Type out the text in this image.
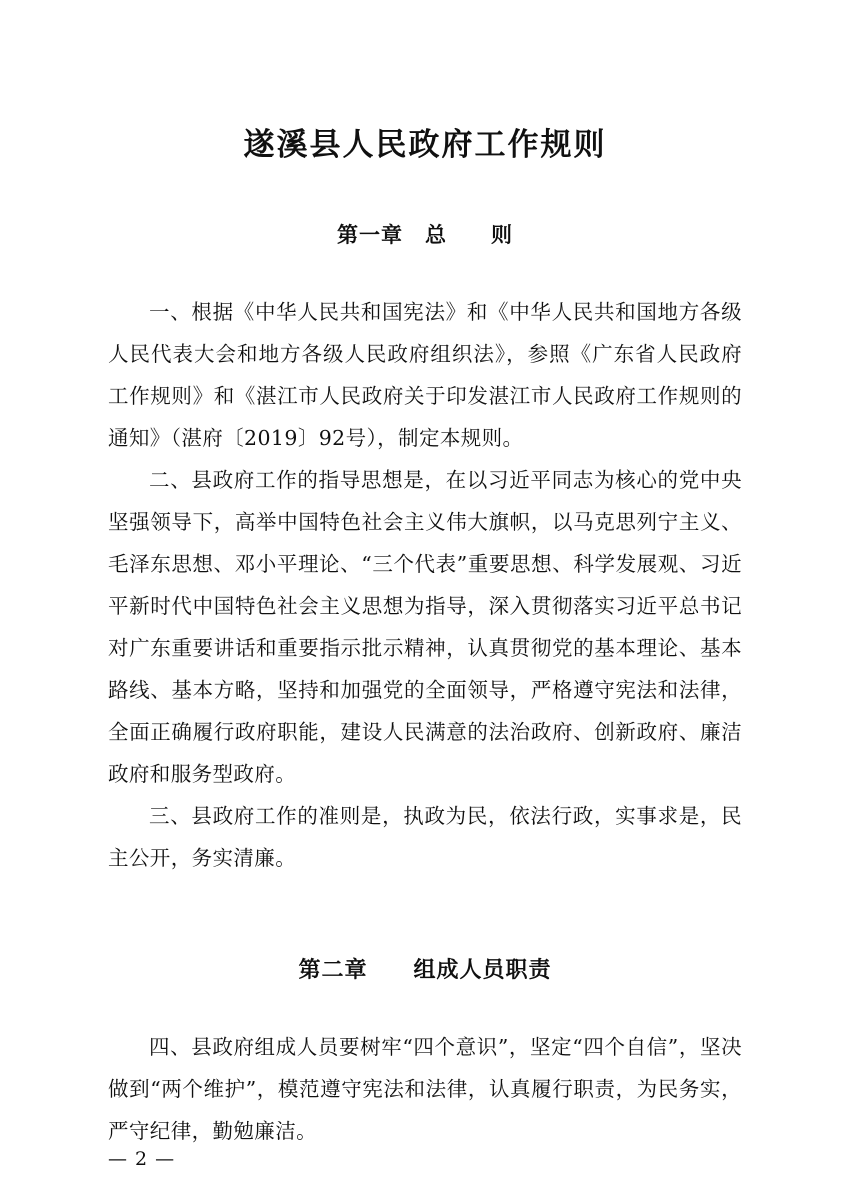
遂溪县人民政府工作规则
第一章　总　　则

一、根据《中华人民共和国宪法》和《中华人民共和国地方各级人民代表大会和地方各级人民政府组织法》，参照《广东省人民政府工作规则》和《湛江市人民政府关于印发湛江市人民政府工作规则的通知》（湛府〔2019〕92号），制定本规则。

二、县政府工作的指导思想是，在以习近平同志为核心的党中央坚强领导下，高举中国特色社会主义伟大旗帜，以马克思列宁主义、毛泽东思想、邓小平理论、“三个代表”重要思想、科学发展观、习近平新时代中国特色社会主义思想为指导，深入贯彻落实习近平总书记对广东重要讲话和重要指示批示精神，认真贯彻党的基本理论、基本路线、基本方略，坚持和加强党的全面领导，严格遵守宪法和法律，全面正确履行政府职能，建设人民满意的法治政府、创新政府、廉洁政府和服务型政府。

三、县政府工作的准则是，执政为民，依法行政，实事求是，民主公开，务实清廉。

第二章　　组成人员职责

四、县政府组成人员要树牢“四个意识”，坚定“四个自信”，坚决做到“两个维护”，模范遵守宪法和法律，认真履行职责，为民务实，严守纪律，勤勉廉洁。

— 2 —
